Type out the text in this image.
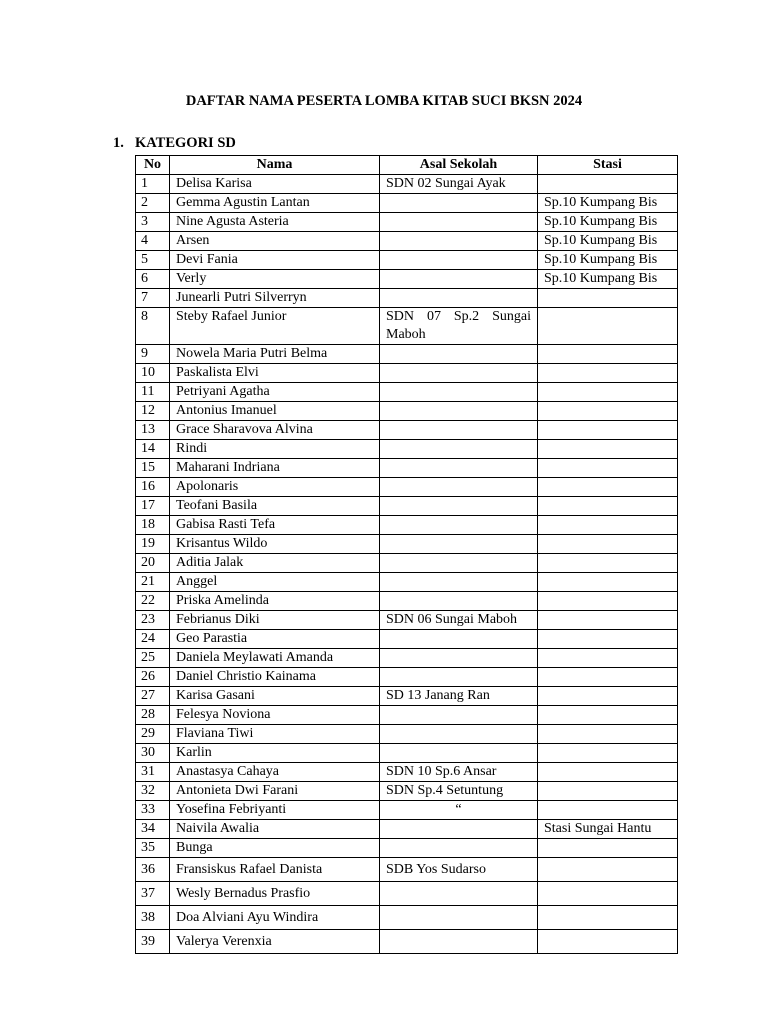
DAFTAR NAMA PESERTA LOMBA KITAB SUCI BKSN 2024
1. KATEGORI SD
No	Nama	Asal Sekolah	Stasi
1	Delisa Karisa	SDN 02 Sungai Ayak	
2	Gemma Agustin Lantan		Sp.10 Kumpang Bis
3	Nine Agusta Asteria		Sp.10 Kumpang Bis
4	Arsen		Sp.10 Kumpang Bis
5	Devi Fania		Sp.10 Kumpang Bis
6	Verly		Sp.10 Kumpang Bis
7	Junearli Putri Silverryn		
8	Steby Rafael Junior	SDN 07 Sp.2 Sungai Maboh	
9	Nowela Maria Putri Belma		
10	Paskalista Elvi		
11	Petriyani Agatha		
12	Antonius Imanuel		
13	Grace Sharavova Alvina		
14	Rindi		
15	Maharani Indriana		
16	Apolonaris		
17	Teofani Basila		
18	Gabisa Rasti Tefa		
19	Krisantus Wildo		
20	Aditia Jalak		
21	Anggel		
22	Priska Amelinda		
23	Febrianus Diki	SDN 06 Sungai Maboh	
24	Geo Parastia		
25	Daniela Meylawati Amanda		
26	Daniel Christio Kainama		
27	Karisa Gasani	SD 13 Janang Ran	
28	Felesya Noviona		
29	Flaviana Tiwi		
30	Karlin		
31	Anastasya Cahaya	SDN 10 Sp.6 Ansar	
32	Antonieta Dwi Farani	SDN Sp.4 Setuntung	
33	Yosefina Febriyanti	“	
34	Naivila Awalia		Stasi Sungai Hantu
35	Bunga		
36	Fransiskus Rafael Danista	SDB Yos Sudarso	
37	Wesly Bernadus Prasfio		
38	Doa Alviani Ayu Windira		
39	Valerya Verenxia		
